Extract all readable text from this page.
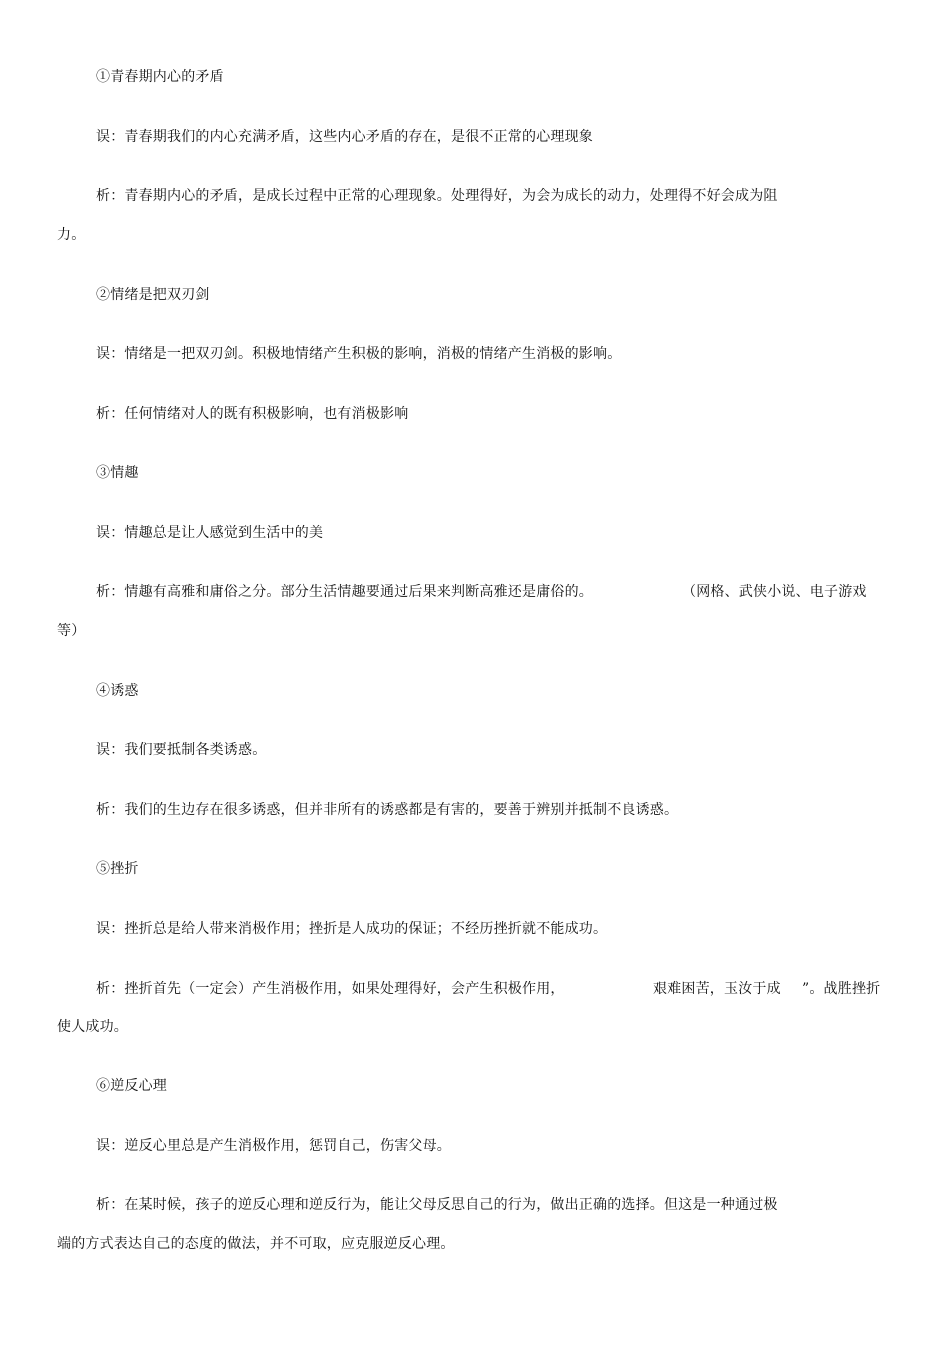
①青春期内心的矛盾
误：青春期我们的内心充满矛盾，这些内心矛盾的存在，是很不正常的心理现象
析：青春期内心的矛盾，是成长过程中正常的心理现象。处理得好，为会为成长的动力，处理得不好会成为阻
力。
②情绪是把双刃剑
误：情绪是一把双刃剑。积极地情绪产生积极的影响，消极的情绪产生消极的影响。
析：任何情绪对人的既有积极影响，也有消极影响
③情趣
误：情趣总是让人感觉到生活中的美
析：情趣有高雅和庸俗之分。部分生活情趣要通过后果来判断高雅还是庸俗的。	（网格、武侠小说、电子游戏
等）
④诱惑
误：我们要抵制各类诱惑。
析：我们的生边存在很多诱惑，但并非所有的诱惑都是有害的，要善于辨别并抵制不良诱惑。
⑤挫折
误：挫折总是给人带来消极作用；挫折是人成功的保证；不经历挫折就不能成功。
析：挫折首先（一定会）产生消极作用，如果处理得好，会产生积极作用，	艰难困苦，玉汝于成 ”。战胜挫折
使人成功。
⑥逆反心理
误：逆反心里总是产生消极作用，惩罚自己，伤害父母。
析：在某时候，孩子的逆反心理和逆反行为，能让父母反思自己的行为，做出正确的选择。但这是一种通过极
端的方式表达自己的态度的做法，并不可取，应克服逆反心理。
